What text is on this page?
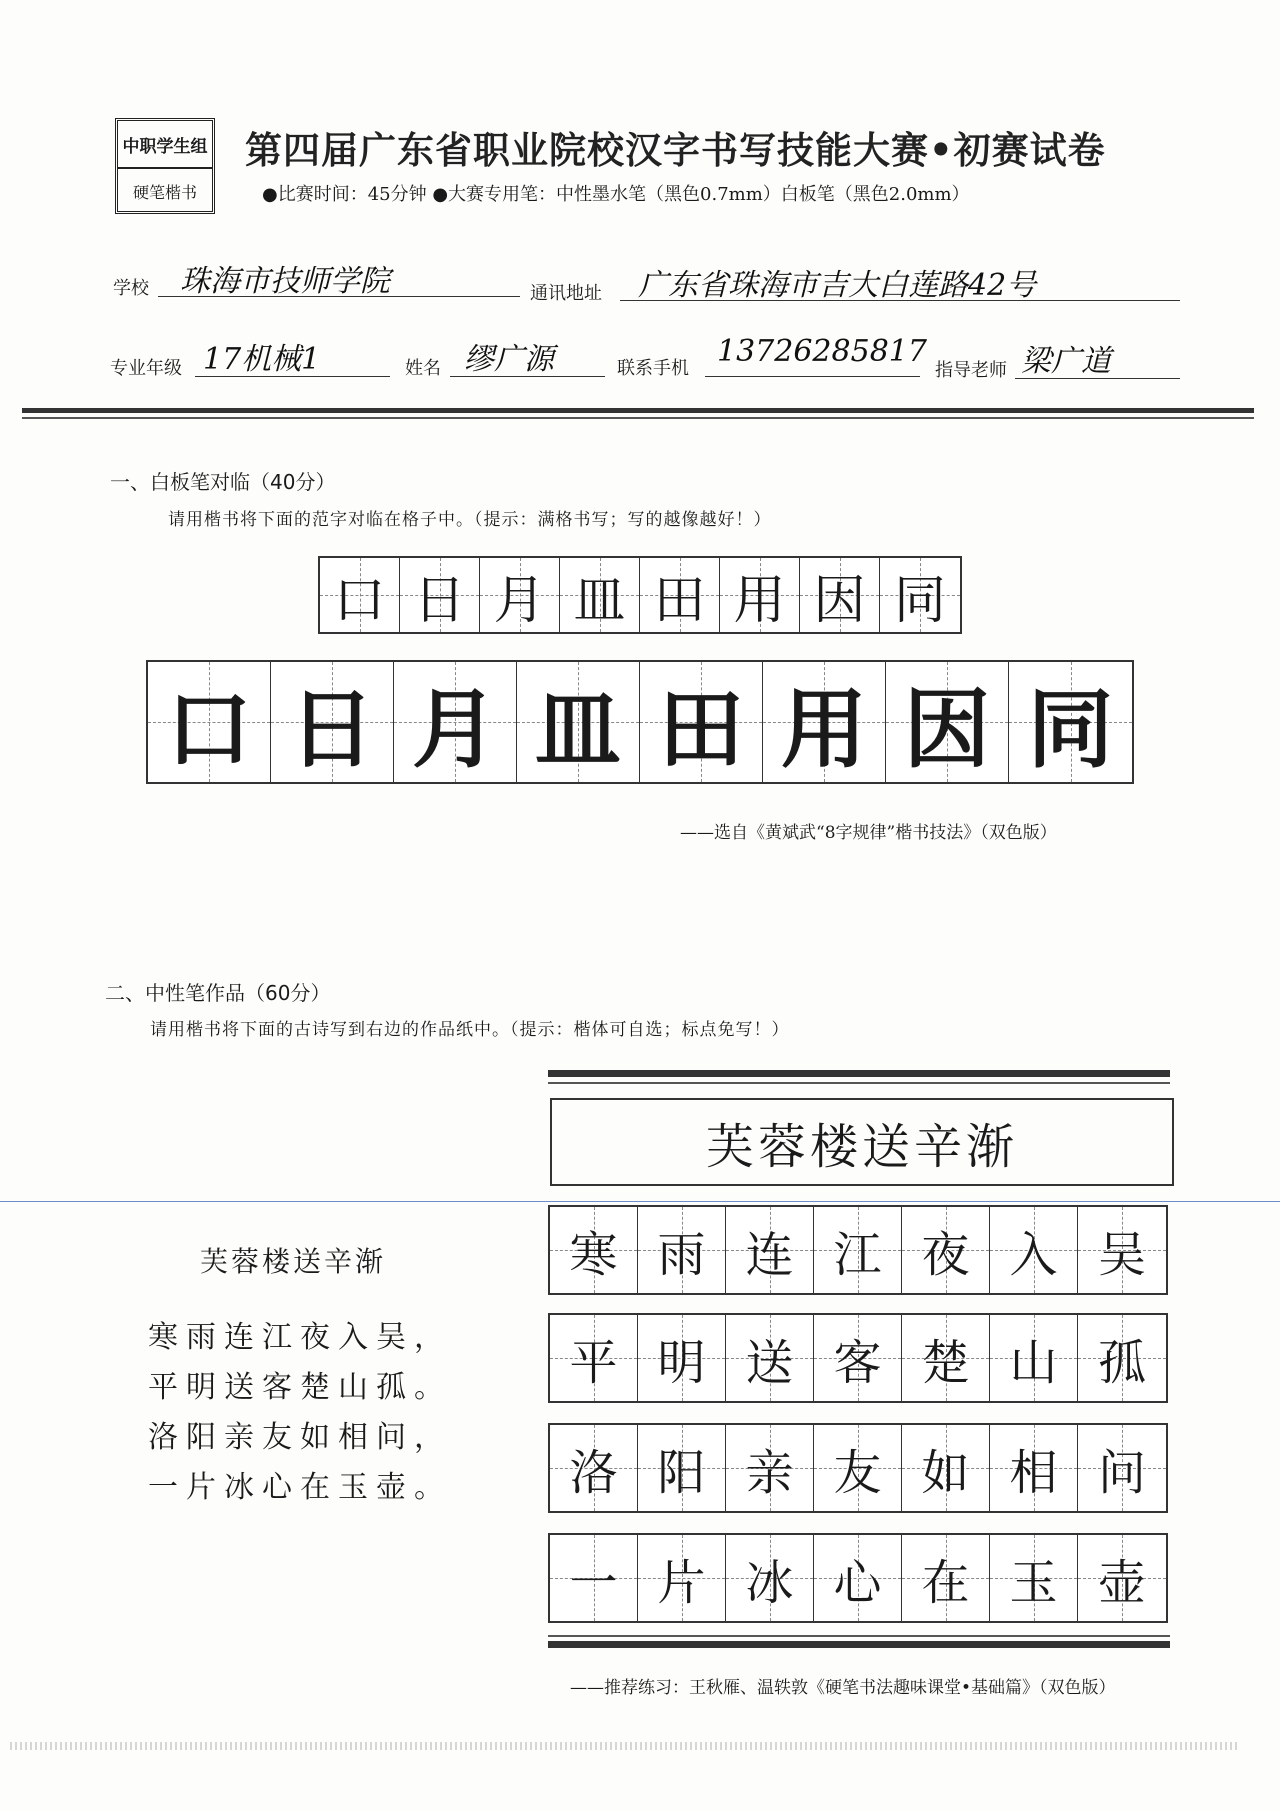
中职学生组
硬笔楷书
第四届广东省职业院校汉字书写技能大赛•初赛试卷
●比赛时间：45分钟 ●大赛专用笔：中性墨水笔（黑色0.7mm）白板笔（黑色2.0mm）
学校 珠海市技师学院	通讯地址 广东省珠海市吉大白莲路42号
专业年级 17机械1	姓名 缪广源	联系手机 13726285817
指导老师 梁广道
一、白板笔对临（40分）
请用楷书将下面的范字对临在格子中。（提示：满格书写；写的越像越好！）
口 日 月 皿 田 用 因 同
口 日 月 皿 田 用 因 同
——选自《黄斌武“8字规律”楷书技法》（双色版）
二、中性笔作品（60分）
请用楷书将下面的古诗写到右边的作品纸中。（提示：楷体可自选；标点免写！）
芙蓉楼送辛渐
寒雨连江夜入吴，
平明送客楚山孤。
洛阳亲友如相问，
一片冰心在玉壶。
芙蓉楼送辛渐
寒 雨 连 江 夜 入 吴
平 明 送 客 楚 山 孤
洛 阳 亲 友 如 相 问
一 片 冰 心 在 玉 壶
——推荐练习：王秋雁、温轶敦《硬笔书法趣味课堂•基础篇》（双色版）
